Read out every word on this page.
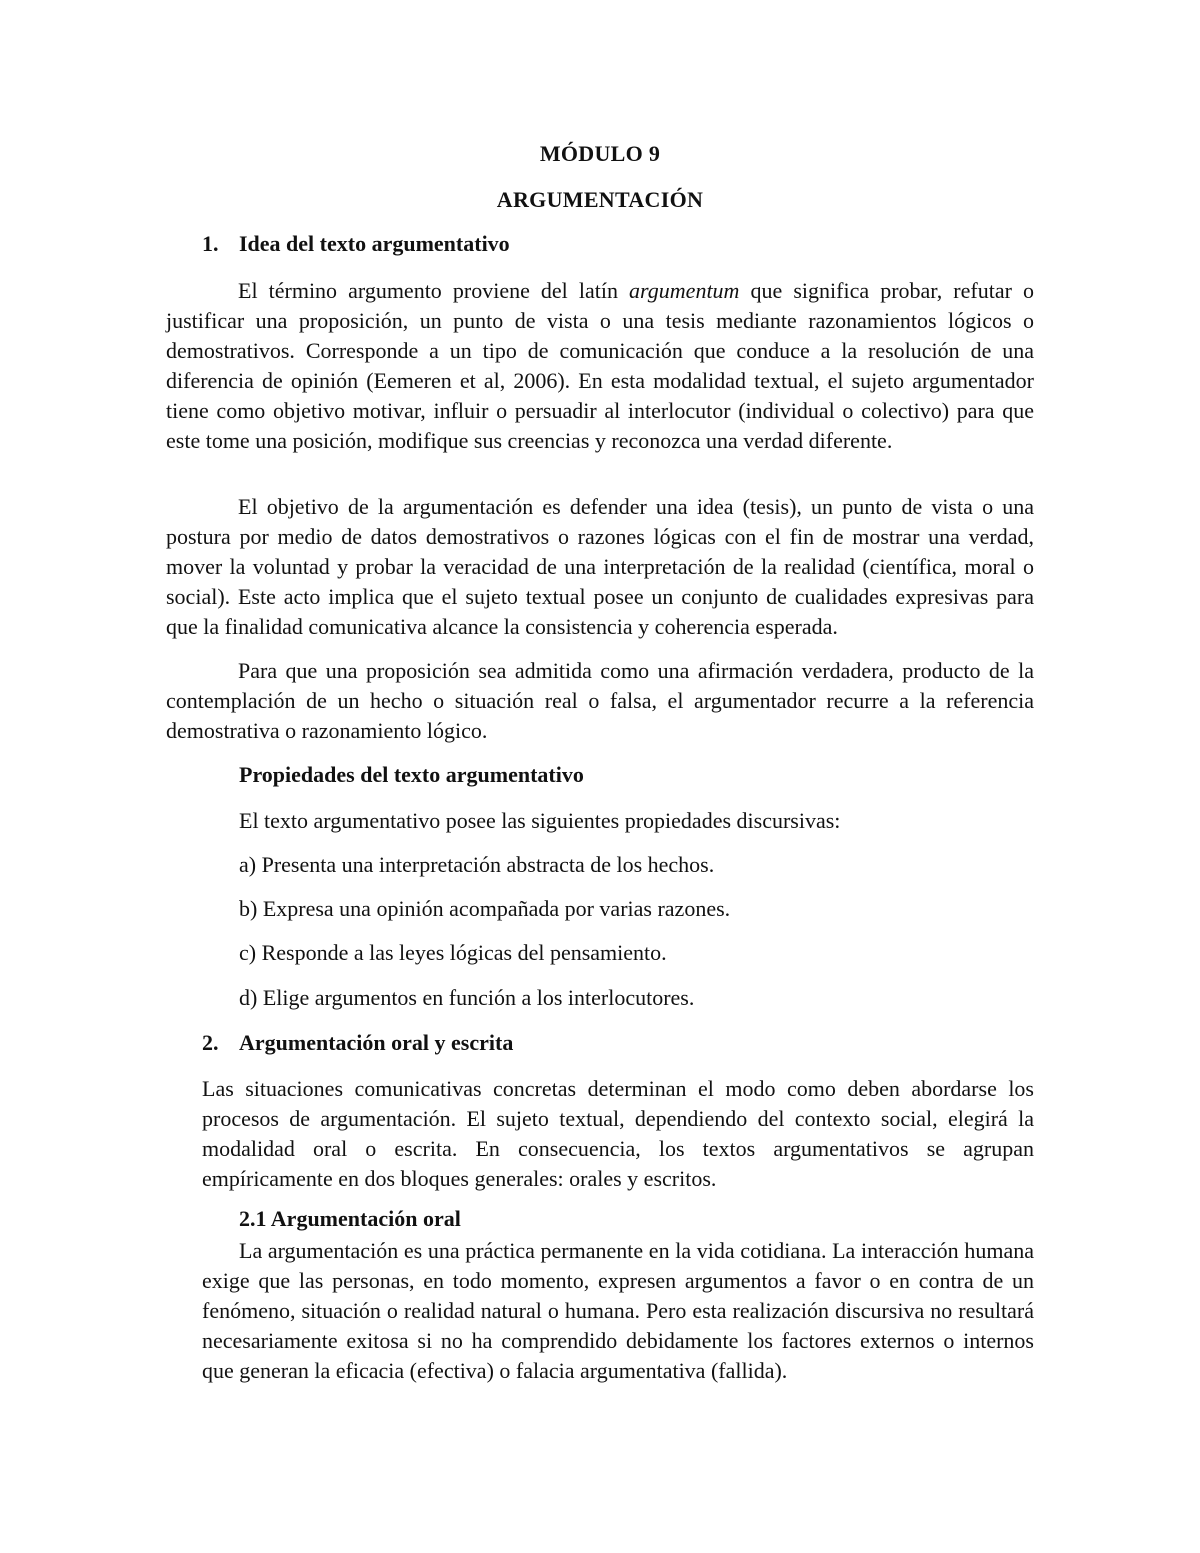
MÓDULO 9
ARGUMENTACIÓN
1. Idea del texto argumentativo
El término argumento proviene del latín argumentum que significa probar, refutar o justificar una proposición, un punto de vista o una tesis mediante razonamientos lógicos o demostrativos. Corresponde a un tipo de comunicación que conduce a la resolución de una diferencia de opinión (Eemeren et al, 2006). En esta modalidad textual, el sujeto argumentador tiene como objetivo motivar, influir o persuadir al interlocutor (individual o colectivo) para que este tome una posición, modifique sus creencias y reconozca una verdad diferente.
El objetivo de la argumentación es defender una idea (tesis), un punto de vista o una postura por medio de datos demostrativos o razones lógicas con el fin de mostrar una verdad, mover la voluntad y probar la veracidad de una interpretación de la realidad (científica, moral o social). Este acto implica que el sujeto textual posee un conjunto de cualidades expresivas para que la finalidad comunicativa alcance la consistencia y coherencia esperada.
Para que una proposición sea admitida como una afirmación verdadera, producto de la contemplación de un hecho o situación real o falsa, el argumentador recurre a la referencia demostrativa o razonamiento lógico.
Propiedades del texto argumentativo
El texto argumentativo posee las siguientes propiedades discursivas:
a) Presenta una interpretación abstracta de los hechos.
b) Expresa una opinión acompañada por varias razones.
c) Responde a las leyes lógicas del pensamiento.
d) Elige argumentos en función a los interlocutores.
2. Argumentación oral y escrita
Las situaciones comunicativas concretas determinan el modo como deben abordarse los procesos de argumentación. El sujeto textual, dependiendo del contexto social, elegirá la modalidad oral o escrita. En consecuencia, los textos argumentativos se agrupan empíricamente en dos bloques generales: orales y escritos.
2.1 Argumentación oral
La argumentación es una práctica permanente en la vida cotidiana. La interacción humana exige que las personas, en todo momento, expresen argumentos a favor o en contra de un fenómeno, situación o realidad natural o humana. Pero esta realización discursiva no resultará necesariamente exitosa si no ha comprendido debidamente los factores externos o internos que generan la eficacia (efectiva) o falacia argumentativa (fallida).
